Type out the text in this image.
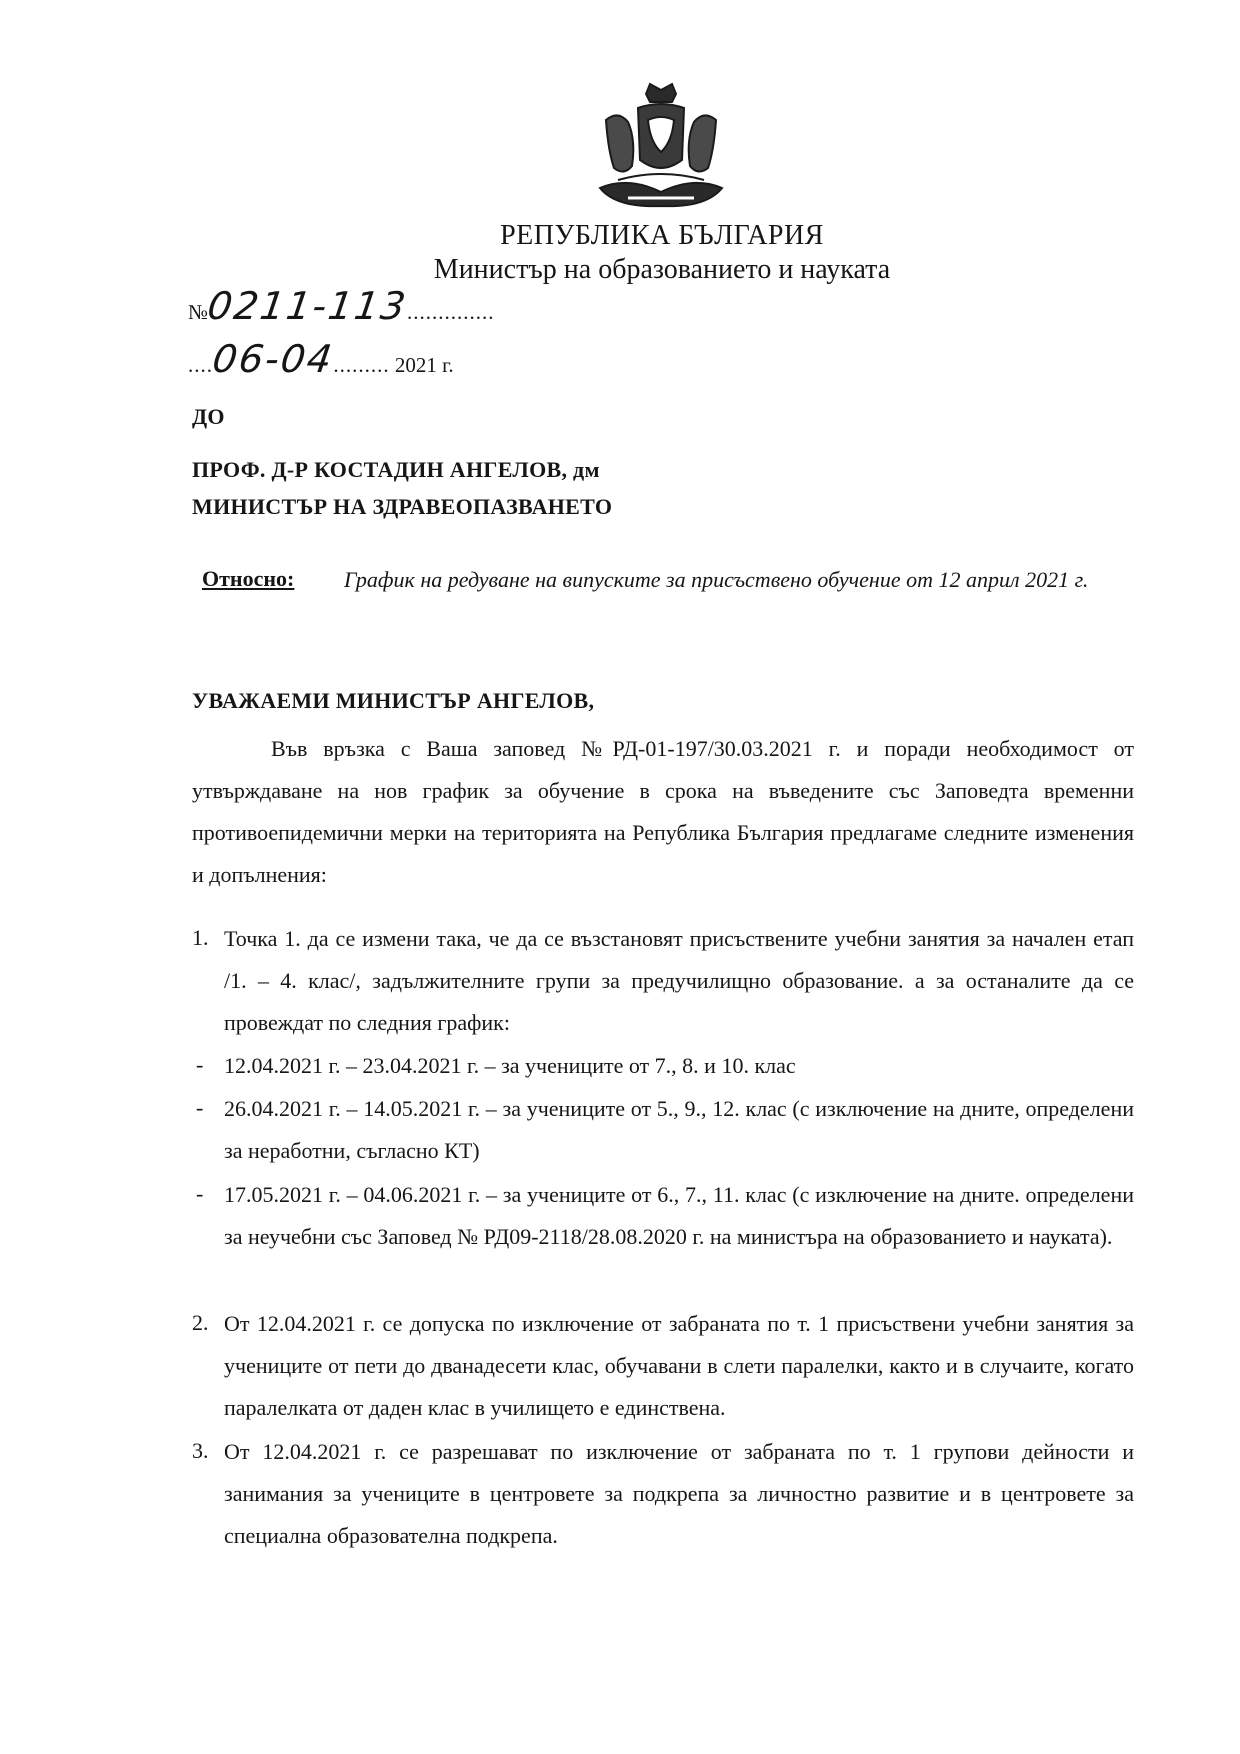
РЕПУБЛИКА БЪЛГАРИЯ
Министър на образованието и науката
№0211-113..............
....06-04......... 2021 г.
ДО
ПРОФ. Д-Р КОСТАДИН АНГЕЛОВ, дм
МИНИСТЪР НА ЗДРАВЕОПАЗВАНЕТО
Относно: График на редуване на випуските за присъствено обучение от 12 април 2021 г.
УВАЖАЕМИ МИНИСТЪР АНГЕЛОВ,
Във връзка с Ваша заповед №РД-01-197/30.03.2021 г. и поради необходимост от утвърждаване на нов график за обучение в срока на въведените със Заповедта временни противоепидемични мерки на територията на Република България предлагаме следните изменения и допълнения:
1. Точка 1. да се измени така, че да се възстановят присъствените учебни занятия за начален етап /1. – 4. клас/, задължителните групи за предучилищно образование. а за останалите да се провеждат по следния график:
- 12.04.2021 г. – 23.04.2021 г. – за учениците от 7., 8. и 10. клас
- 26.04.2021 г. – 14.05.2021 г. – за учениците от 5., 9., 12. клас (с изключение на дните, определени за неработни, съгласно КТ)
- 17.05.2021 г. – 04.06.2021 г. – за учениците от 6., 7., 11. клас (с изключение на дните. определени за неучебни със Заповед № РД09-2118/28.08.2020 г. на министъра на образованието и науката).
2. От 12.04.2021 г. се допуска по изключение от забраната по т. 1 присъствени учебни занятия за учениците от пети до дванадесети клас, обучавани в слети паралелки, както и в случаите, когато паралелката от даден клас в училището е единствена.
3. От 12.04.2021 г. се разрешават по изключение от забраната по т. 1 групови дейности и занимания за учениците в центровете за подкрепа за личностно развитие и в центровете за специална образователна подкрепа.
